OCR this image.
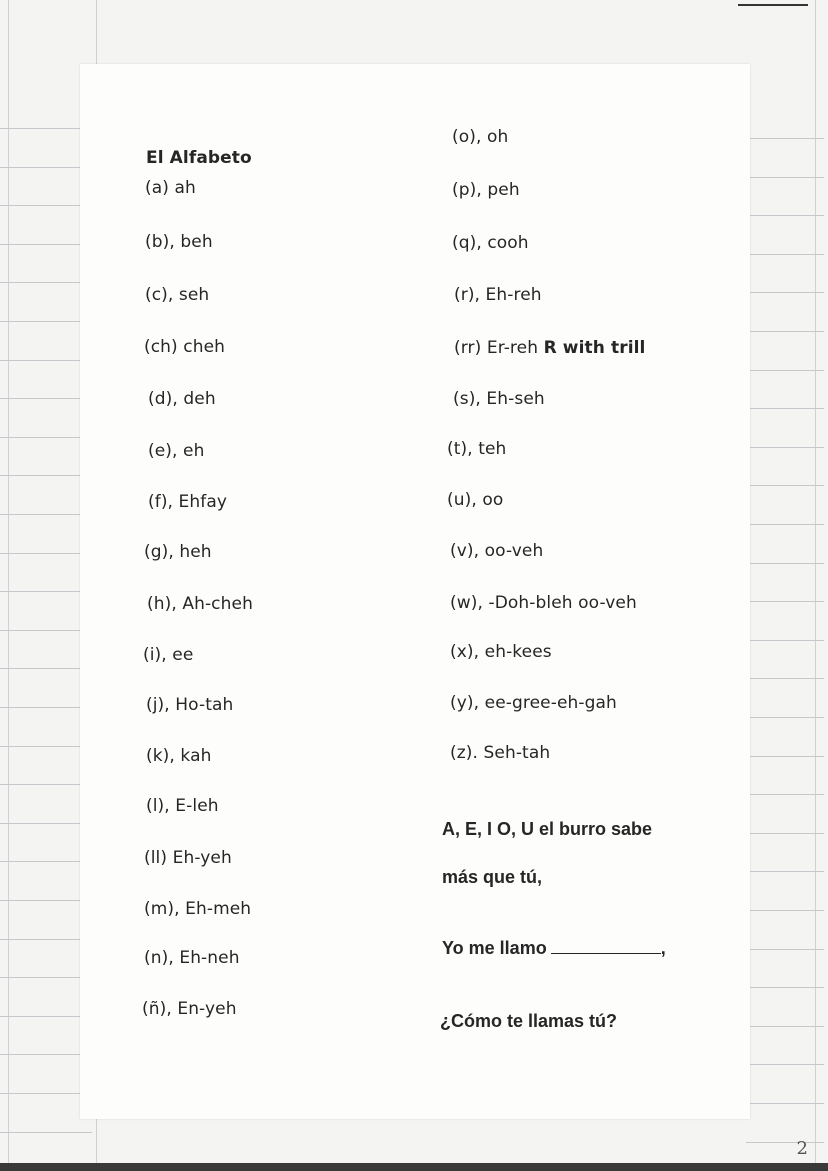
El Alfabeto
(a) ah
(b), beh
(c), seh
(ch) cheh
(d), deh
(e), eh
(f), Ehfay
(g), heh
(h), Ah-cheh
(i), ee
(j), Ho-tah
(k), kah
(l), E-leh
(ll) Eh-yeh
(m), Eh-meh
(n), Eh-neh
(ñ), En-yeh
(o), oh
(p), peh
(q), cooh
(r), Eh-reh
(rr) Er-reh R with trill
(s), Eh-seh
(t), teh
(u), oo
(v), oo-veh
(w), -Doh-bleh oo-veh
(x), eh-kees
(y), ee-gree-eh-gah
(z). Seh-tah
A, E, I O, U el burro sabe
más que tú,
Yo me llamo	,
¿Cómo te llamas tú?
2
